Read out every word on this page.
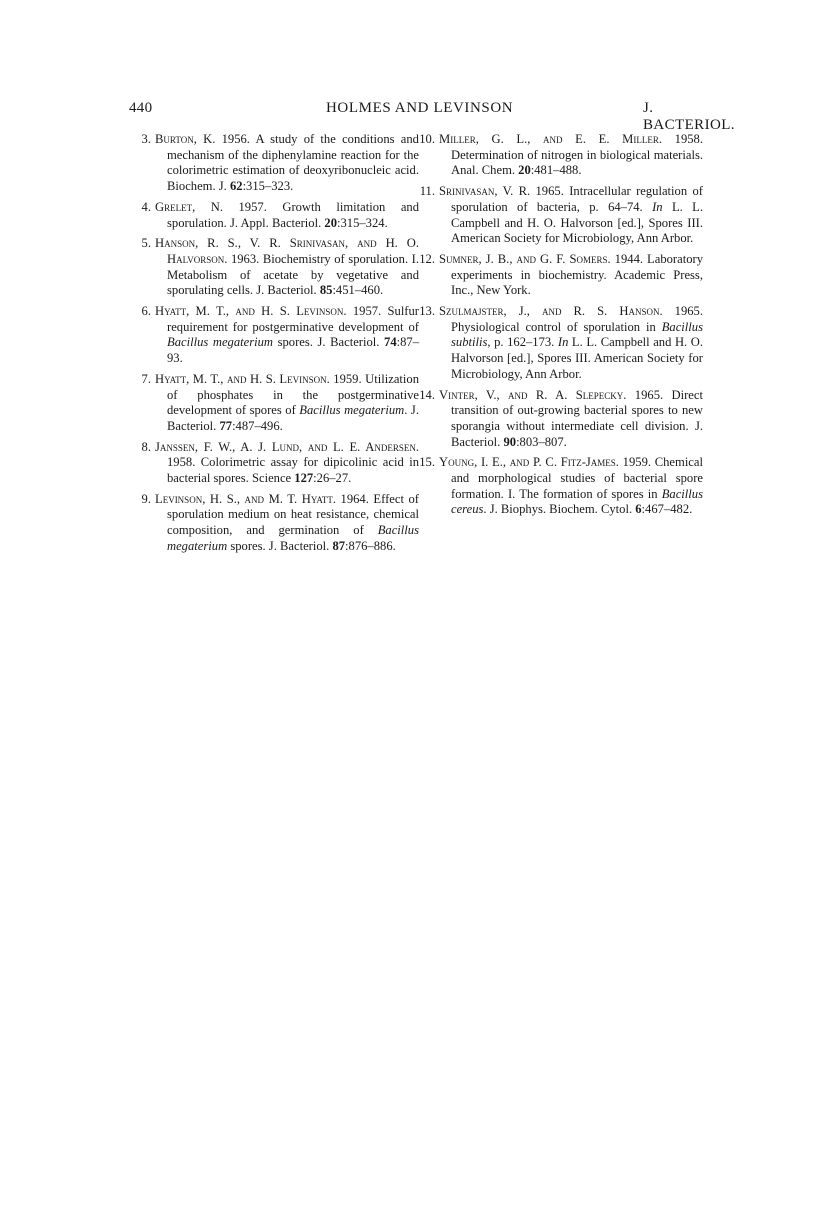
440	HOLMES AND LEVINSON	J. BACTERIOL.
3 . Burton, K. 1956. A study of the conditions and mechanism of the diphenylamine reaction for the colorimetric estimation of deoxyribonucleic acid. Biochem. J. 62:315–323.
4 . Grelet, N. 1957. Growth limitation and sporulation. J. Appl. Bacteriol. 20:315–324.
5 . Hanson, R. S., V. R. Srinivasan, and H. O. Halvorson. 1963. Biochemistry of sporulation. I. Metabolism of acetate by vegetative and sporulating cells. J. Bacteriol. 85:451–460.
6 . Hyatt, M. T., and H. S. Levinson. 1957. Sulfur requirement for postgerminative development of Bacillus megaterium spores. J. Bacteriol. 74:87–93.
7 . Hyatt, M. T., and H. S. Levinson. 1959. Utilization of phosphates in the postgerminative development of spores of Bacillus megaterium. J. Bacteriol. 77:487–496.
8 . Janssen, F. W., A. J. Lund, and L. E. Andersen. 1958. Colorimetric assay for dipicolinic acid in bacterial spores. Science 127:26–27.
9 . Levinson, H. S., and M. T. Hyatt. 1964. Effect of sporulation medium on heat resistance, chemical composition, and germination of Bacillus megaterium spores. J. Bacteriol. 87:876–886.
10 . Miller, G. L., and E. E. Miller. 1958. Determination of nitrogen in biological materials. Anal. Chem. 20:481–488.
11 . Srinivasan, V. R. 1965. Intracellular regulation of sporulation of bacteria, p. 64–74. In L. L. Campbell and H. O. Halvorson [ed.], Spores III. American Society for Microbiology, Ann Arbor.
12 . Sumner, J. B., and G. F. Somers. 1944. Laboratory experiments in biochemistry. Academic Press, Inc., New York.
13 . Szulmajster, J., and R. S. Hanson. 1965. Physiological control of sporulation in Bacillus subtilis, p. 162–173. In L. L. Campbell and H. O. Halvorson [ed.], Spores III. American Society for Microbiology, Ann Arbor.
14 . Vinter, V., and R. A. Slepecky. 1965. Direct transition of out-growing bacterial spores to new sporangia without intermediate cell division. J. Bacteriol. 90:803–807.
15 . Young, I. E., and P. C. Fitz-James. 1959. Chemical and morphological studies of bacterial spore formation. I. The formation of spores in Bacillus cereus. J. Biophys. Biochem. Cytol. 6:467–482.
